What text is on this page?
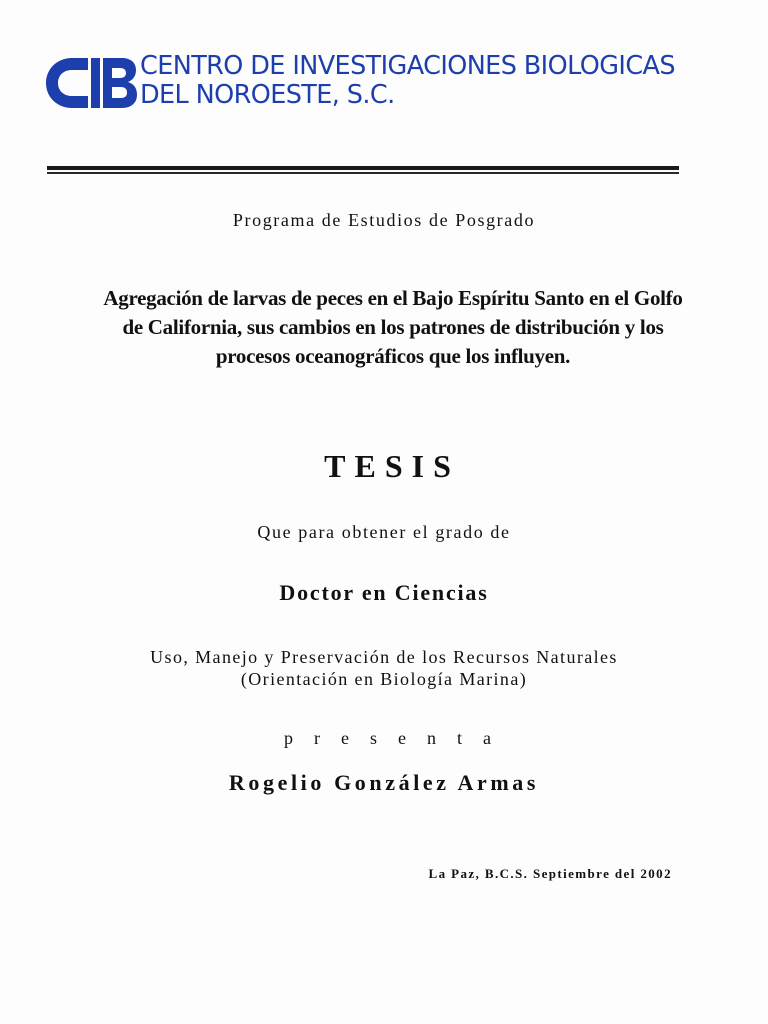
CENTRO DE INVESTIGACIONES BIOLOGICAS
DEL NOROESTE, S.C.
Programa de Estudios de Posgrado
Agregación de larvas de peces en el Bajo Espíritu Santo en el Golfo de California, sus cambios en los patrones de distribución y los procesos oceanográficos que los influyen.
TESIS
Que para obtener el grado de
Doctor en Ciencias
Uso, Manejo y Preservación de los Recursos Naturales
(Orientación en Biología Marina)
presenta
Rogelio González Armas
La Paz, B.C.S. Septiembre del 2002
